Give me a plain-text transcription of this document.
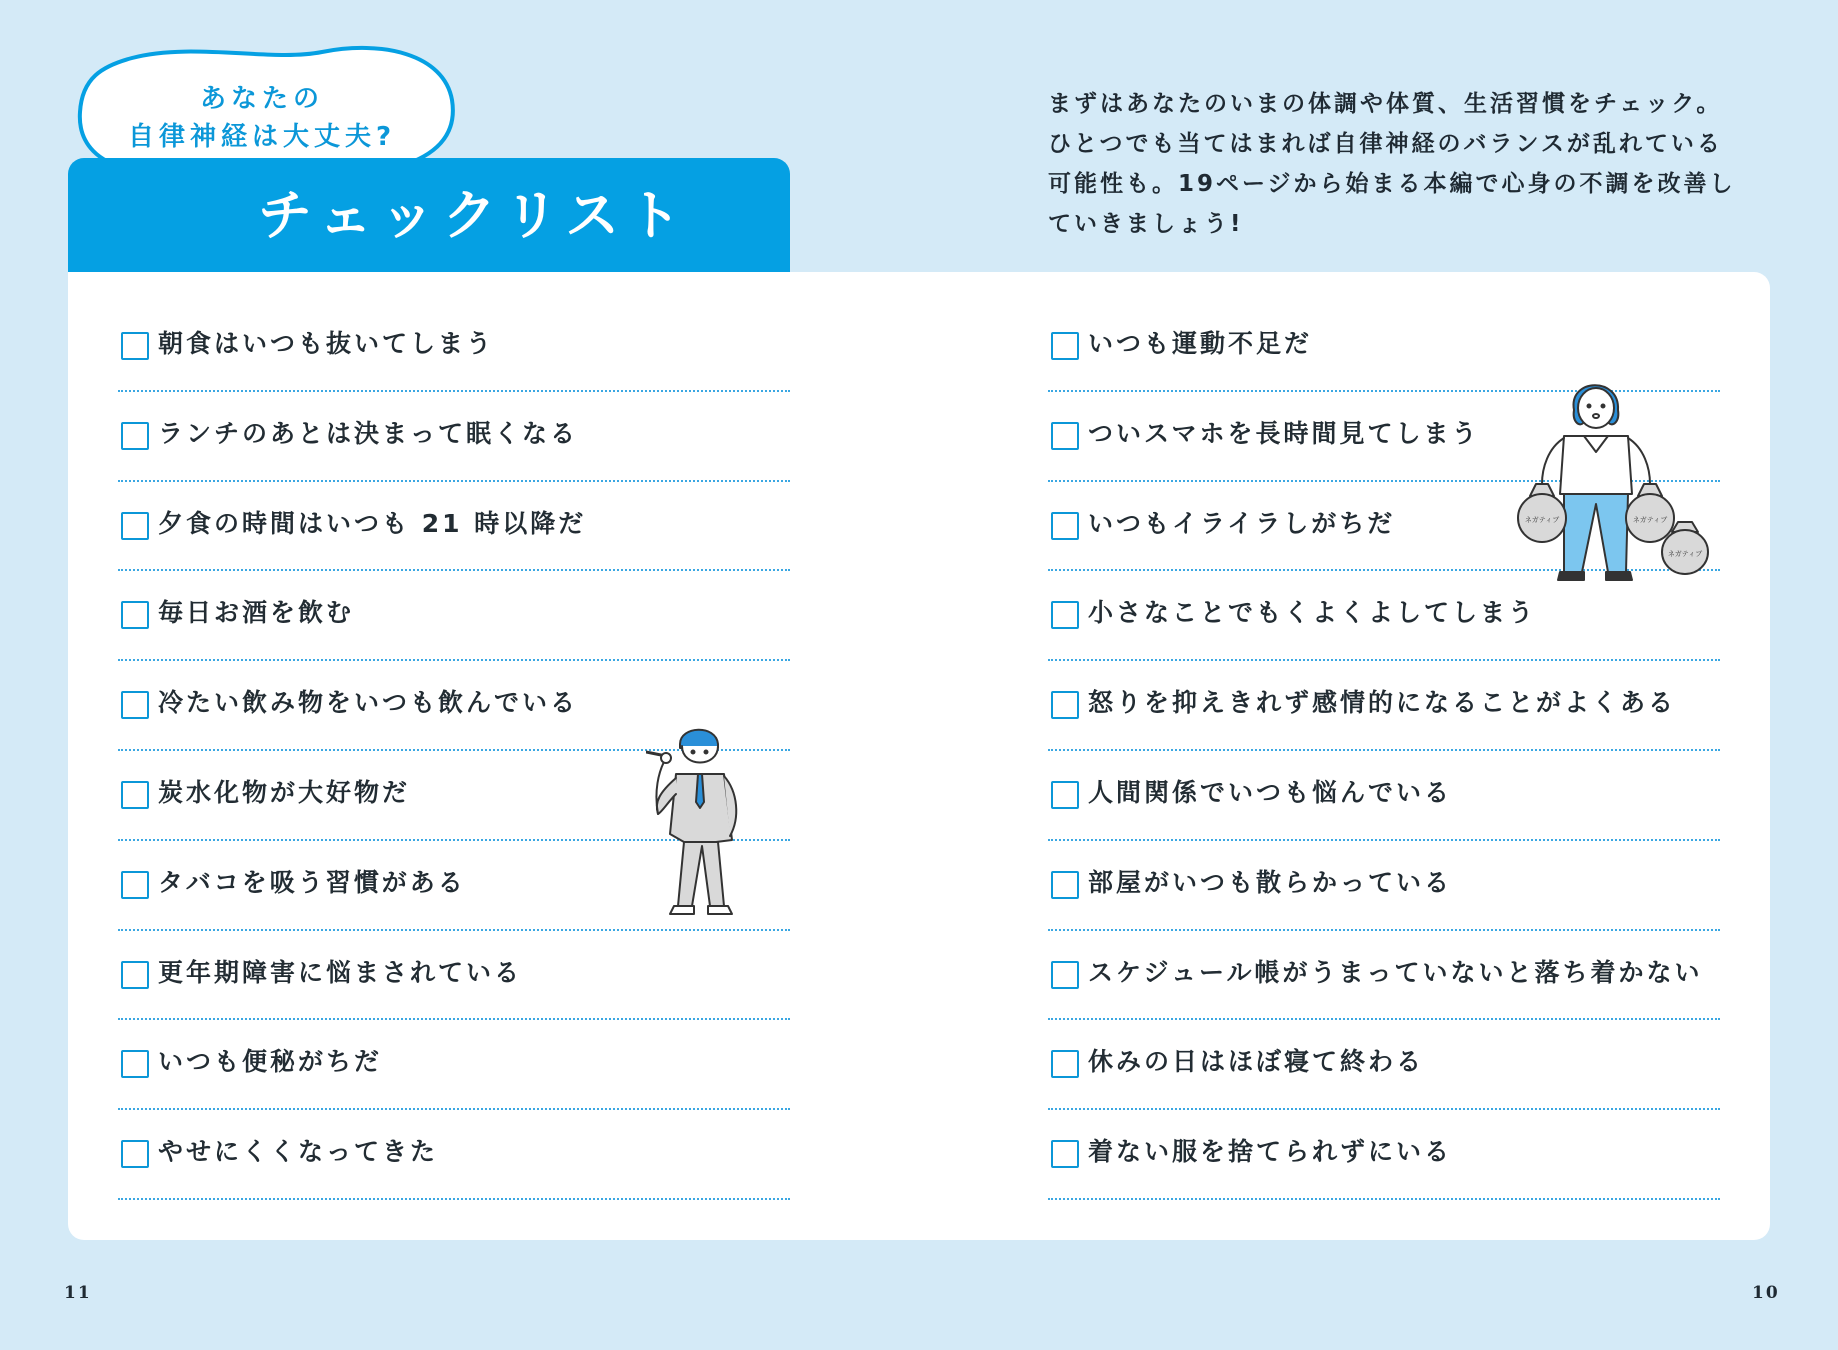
あなたの
自律神経は大丈夫?
チェックリスト

まずはあなたのいまの体調や体質、生活習慣をチェック。

ひとつでも当てはまれば自律神経のバランスが乱れている

可能性も。19ページから始まる本編で心身の不調を改善し

ていきましょう!

朝食はいつも抜いてしまう
ランチのあとは決まって眠くなる
夕食の時間はいつも 21 時以降だ
毎日お酒を飲む
冷たい飲み物をいつも飲んでいる
炭水化物が大好物だ
タバコを吸う習慣がある
更年期障害に悩まされている
いつも便秘がちだ
やせにくくなってきた
いつも運動不足だ
ついスマホを長時間見てしまう
いつもイライラしがちだ
小さなことでもくよくよしてしまう
怒りを抑えきれず感情的になることがよくある
人間関係でいつも悩んでいる
部屋がいつも散らかっている
スケジュール帳がうまっていないと落ち着かない
休みの日はほぼ寝て終わる
着ない服を捨てられずにいる
ネガティブ	ネガティブ
ネガティブ
11	10
